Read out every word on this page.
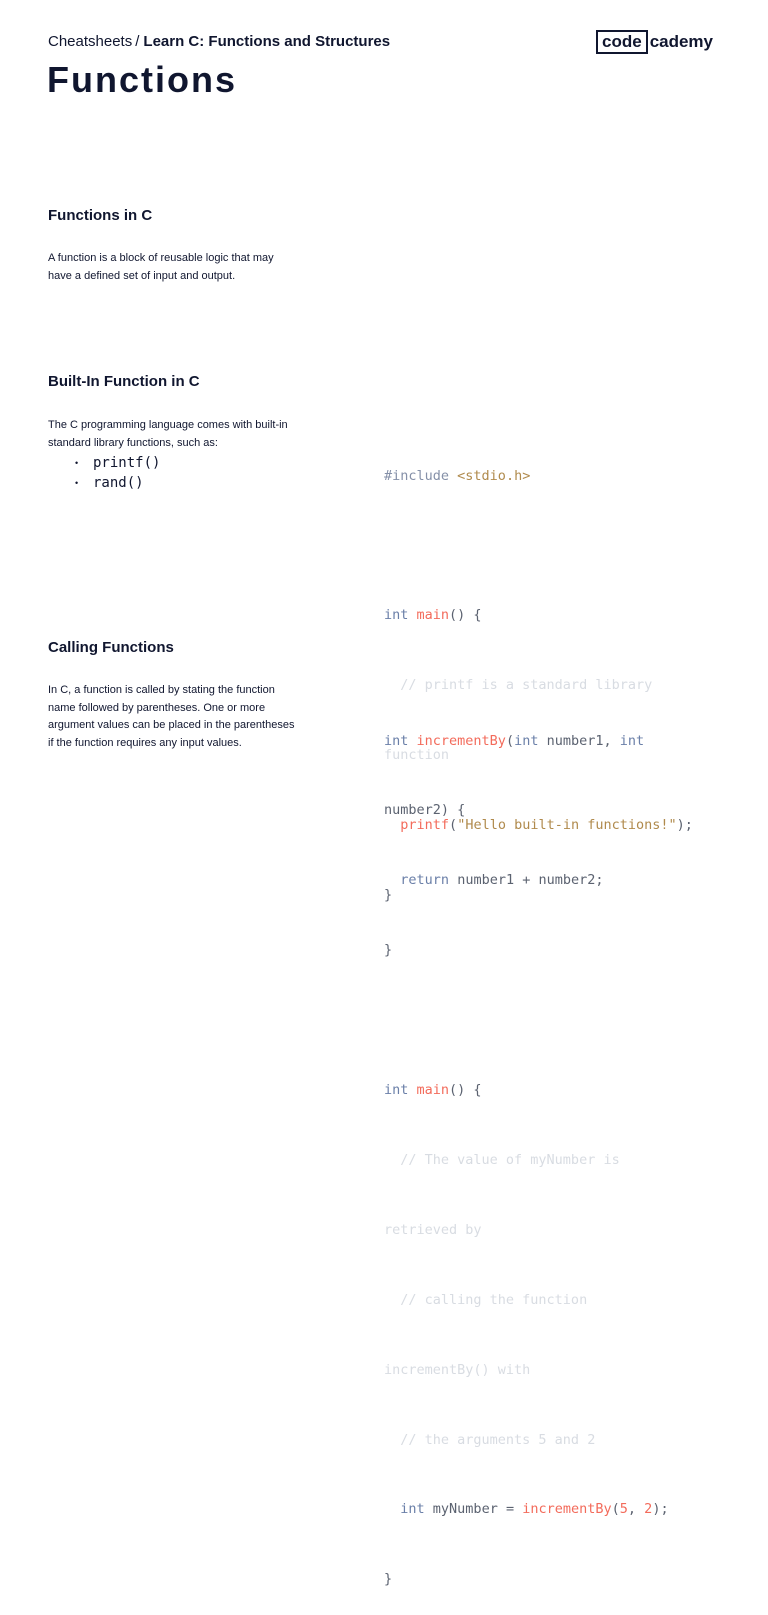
Cheatsheets / Learn C: Functions and Structures	code cademy
Functions
Functions in C
A function is a block of reusable logic that may
have a defined set of input and output.
Built-In Function in C
The C programming language comes with built-in
standard library functions, such as:
• printf()
• rand()

	#include <stdio.h>

int main() {

// printf is a standard library

function

printf("Hello built-in functions!");

}

Calling Functions
In C, a function is called by stating the function
name followed by parentheses. One or more
argument values can be placed in the parentheses
if the function requires any input values.

	int incrementBy(int number1, int

number2) {

return number1 + number2;

}

int main() {

// The value of myNumber is

retrieved by

// calling the function

incrementBy() with

// the arguments 5 and 2

int myNumber = incrementBy(5, 2);

}
